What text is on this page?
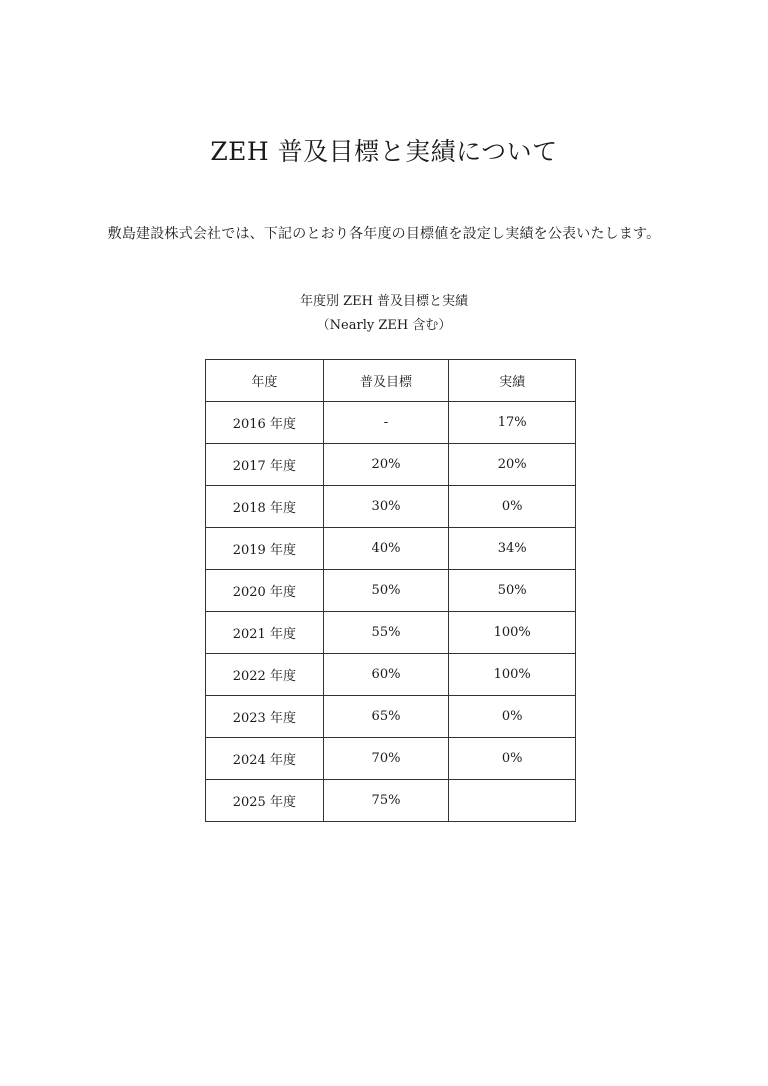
ZEH 普及目標と実績について

敷島建設株式会社では、下記のとおり各年度の目標値を設定し実績を公表いたします。

年度別 ZEH 普及目標と実績
（Nearly ZEH 含む）
年度	普及目標	実績
2016 年度	-	17%
2017 年度	20%	20%
2018 年度	30%	0%
2019 年度	40%	34%
2020 年度	50%	50%
2021 年度	55%	100%
2022 年度	60%	100%
2023 年度	65%	0%
2024 年度	70%	0%
2025 年度	75%	
